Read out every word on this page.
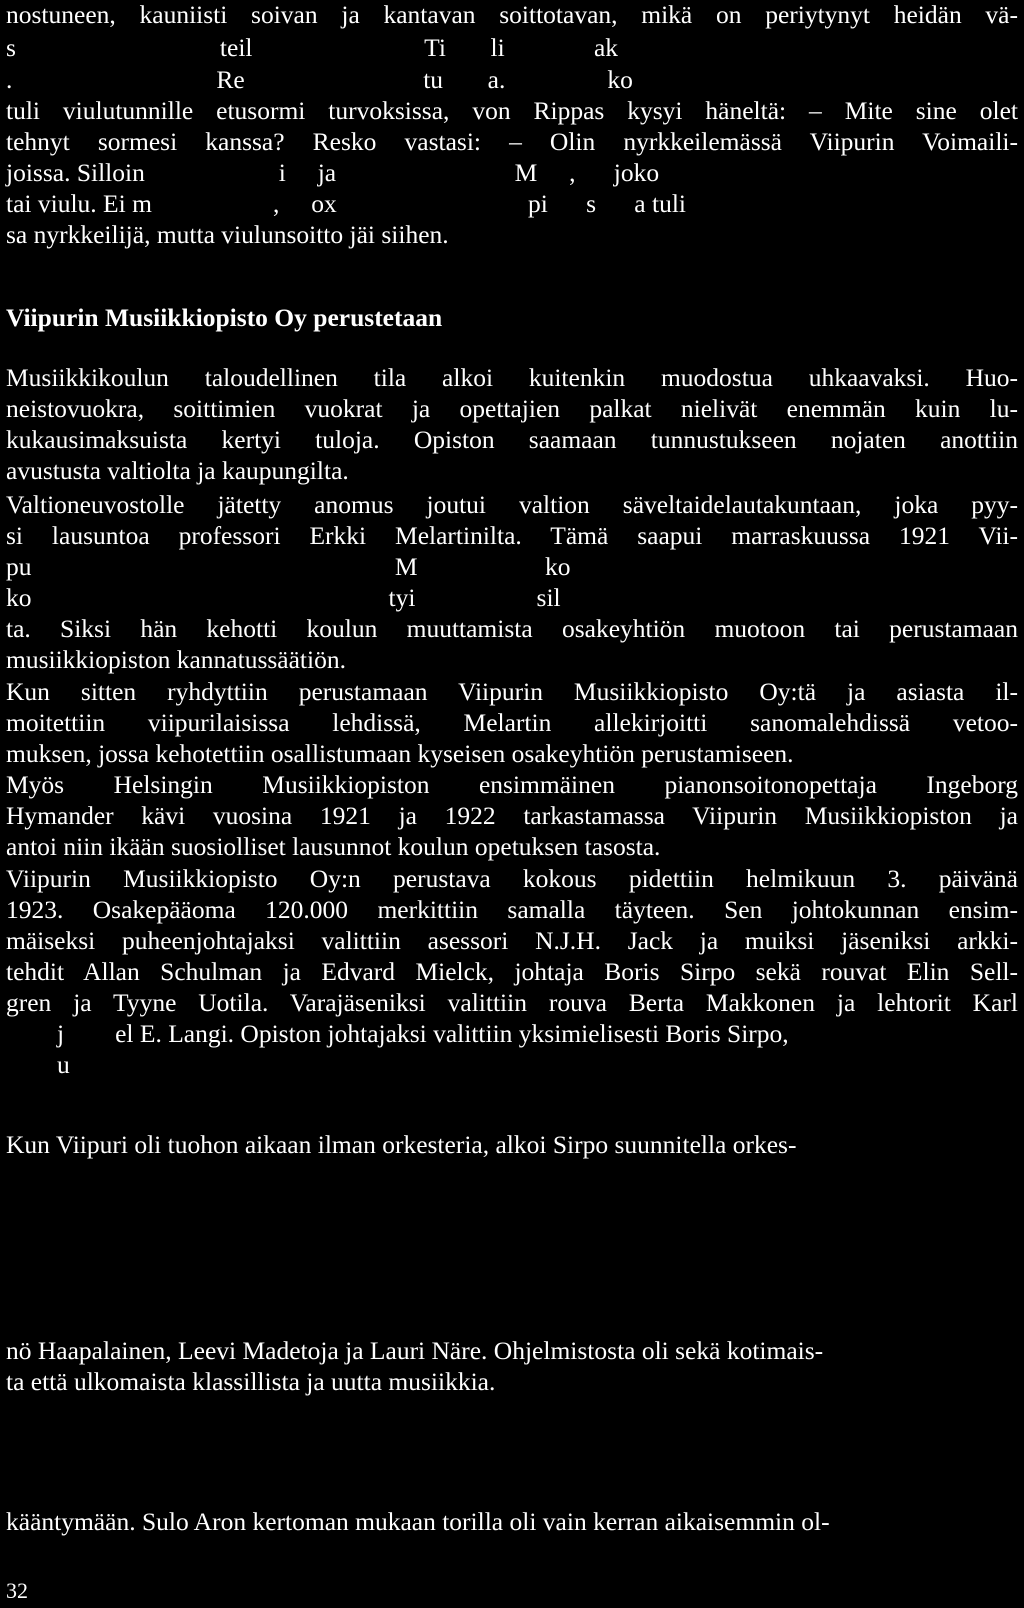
nostuneen, kauniisti soivan ja kantavan soittotavan, mikä on periytynyt heidän vä-
s                                teil                           Ti       li              ak
.                                Re                            tu       a.                ko
tuli viulutunnille etusormi turvoksissa, von Rippas kysyi häneltä: – Mite sine olet
tehnyt sormesi kanssa? Resko vastasi: – Olin nyrkkeilemässä Viipurin Voimaili-
joissa. Silloin                     i     ja                            M     ,      joko
tai viulu. Ei m                   ,     ox                              pi      s      a tuli
sa nyrkkeilijä, mutta viulunsoitto jäi siihen.
Viipurin Musiikkiopisto Oy perustetaan
Musiikkikoulun taloudellinen tila alkoi kuitenkin muodostua uhkaavaksi. Huo-
neistovuokra, soittimien vuokrat ja opettajien palkat nielivät enemmän kuin lu-
kukausimaksuista kertyi tuloja. Opiston saamaan tunnustukseen nojaten anottiin
avustusta valtiolta ja kaupungilta.
Valtioneuvostolle jätetty anomus joutui valtion säveltaidelautakuntaan, joka pyy-
si lausuntoa professori Erkki Melartinilta. Tämä saapui marraskuussa 1921 Vii-
pu                                                         M                    ko
ko                                                        tyi                   sil
ta. Siksi hän kehotti koulun muuttamista osakeyhtiön muotoon tai perustamaan
musiikkiopiston kannatussäätiön.
Kun sitten ryhdyttiin perustamaan Viipurin Musiikkiopisto Oy:tä ja asiasta il-
moitettiin viipurilaisissa lehdissä, Melartin allekirjoitti sanomalehdissä vetoo-
muksen, jossa kehotettiin osallistumaan kyseisen osakeyhtiön perustamiseen.
Myös Helsingin Musiikkiopiston ensimmäinen pianonsoitonopettaja Ingeborg
Hymander kävi vuosina 1921 ja 1922 tarkastamassa Viipurin Musiikkiopiston ja
antoi niin ikään suosiolliset lausunnot koulun opetuksen tasosta.
Viipurin Musiikkiopisto Oy:n perustava kokous pidettiin helmikuun 3. päivänä
1923. Osakepääoma 120.000 merkittiin samalla täyteen. Sen johtokunnan ensim-
mäiseksi puheenjohtajaksi valittiin asessori N.J.H. Jack ja muiksi jäseniksi arkki-
tehdit Allan Schulman ja Edvard Mielck, johtaja Boris Sirpo sekä rouvat Elin Sell-
gren ja Tyyne Uotila. Varajäseniksi valittiin rouva Berta Makkonen ja lehtorit Karl
j        el E. Langi. Opiston johtajaksi valittiin yksimielisesti Boris Sirpo,
u
Kun Viipuri oli tuohon aikaan ilman orkesteria, alkoi Sirpo suunnitella orkes-
nö Haapalainen, Leevi Madetoja ja Lauri Näre. Ohjelmistosta oli sekä kotimais-
ta että ulkomaista klassillista ja uutta musiikkia.
kääntymään. Sulo Aron kertoman mukaan torilla oli vain kerran aikaisemmin ol-
32
